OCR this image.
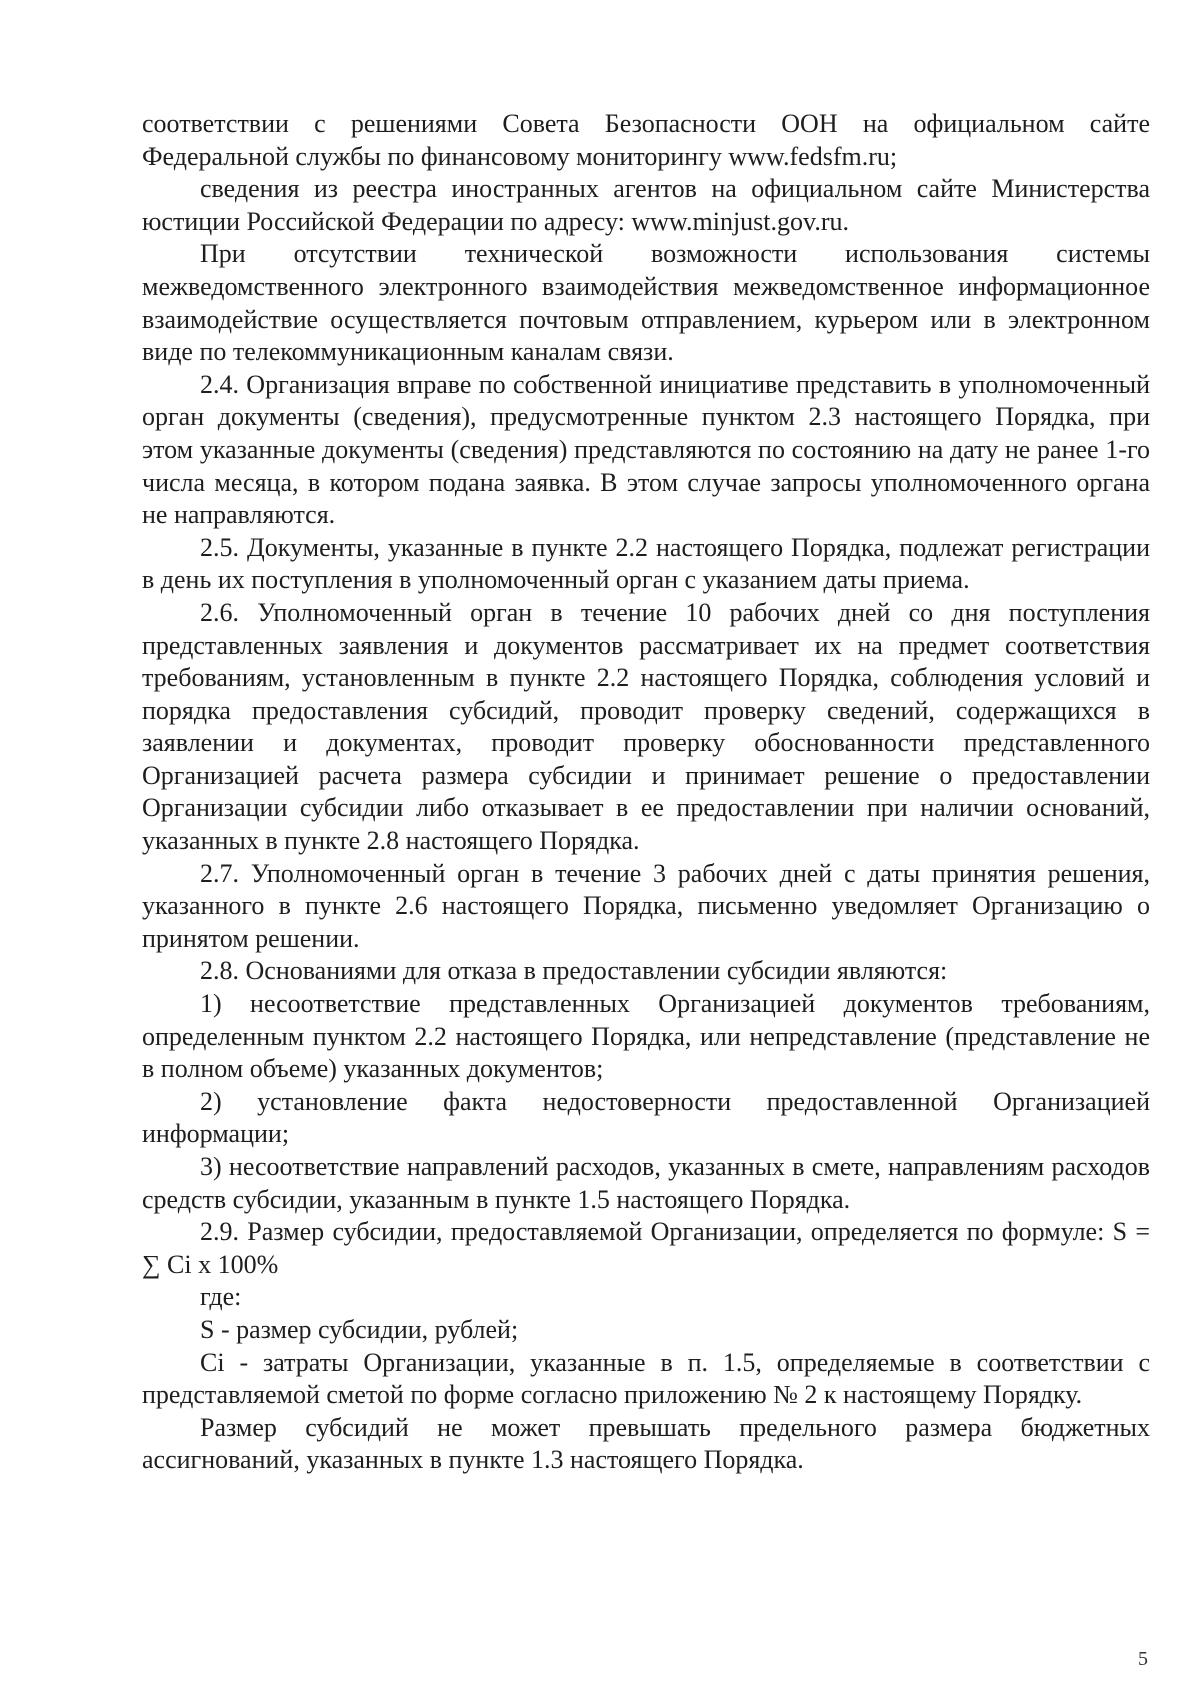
соответствии с решениями Совета Безопасности ООН на официальном сайте Федеральной службы по финансовому мониторингу www.fedsfm.ru;

сведения из реестра иностранных агентов на официальном сайте Министерства юстиции Российской Федерации по адресу: www.minjust.gov.ru.

При отсутствии технической возможности использования системы межведомственного электронного взаимодействия межведомственное информационное взаимодействие осуществляется почтовым отправлением, курьером или в электронном виде по телекоммуникационным каналам связи.

2.4. Организация вправе по собственной инициативе представить в уполномоченный орган документы (сведения), предусмотренные пунктом 2.3 настоящего Порядка, при этом указанные документы (сведения) представляются по состоянию на дату не ранее 1-го числа месяца, в котором подана заявка. В этом случае запросы уполномоченного органа не направляются.

2.5. Документы, указанные в пункте 2.2 настоящего Порядка, подлежат регистрации в день их поступления в уполномоченный орган с указанием даты приема.

2.6. Уполномоченный орган в течение 10 рабочих дней со дня поступления представленных заявления и документов рассматривает их на предмет соответствия требованиям, установленным в пункте 2.2 настоящего Порядка, соблюдения условий и порядка предоставления субсидий, проводит проверку сведений, содержащихся в заявлении и документах, проводит проверку обоснованности представленного Организацией расчета размера субсидии и принимает решение о предоставлении Организации субсидии либо отказывает в ее предоставлении при наличии оснований, указанных в пункте 2.8 настоящего Порядка.

2.7. Уполномоченный орган в течение 3 рабочих дней с даты принятия решения, указанного в пункте 2.6 настоящего Порядка, письменно уведомляет Организацию о принятом решении.

2.8. Основаниями для отказа в предоставлении субсидии являются:

1) несоответствие представленных Организацией документов требованиям, определенным пунктом 2.2 настоящего Порядка, или непредставление (представление не в полном объеме) указанных документов;

2) установление факта недостоверности предоставленной Организацией информации;

3) несоответствие направлений расходов, указанных в смете, направлениям расходов средств субсидии, указанным в пункте 1.5 настоящего Порядка.

2.9. Размер субсидии, предоставляемой Организации, определяется по формуле: S = ∑ Ci х 100%

где:

S - размер субсидии, рублей;

Ci - затраты Организации, указанные в п. 1.5, определяемые в соответствии с представляемой сметой по форме согласно приложению № 2 к настоящему Порядку.

Размер субсидий не может превышать предельного размера бюджетных ассигнований, указанных в пункте 1.3 настоящего Порядка.

5
